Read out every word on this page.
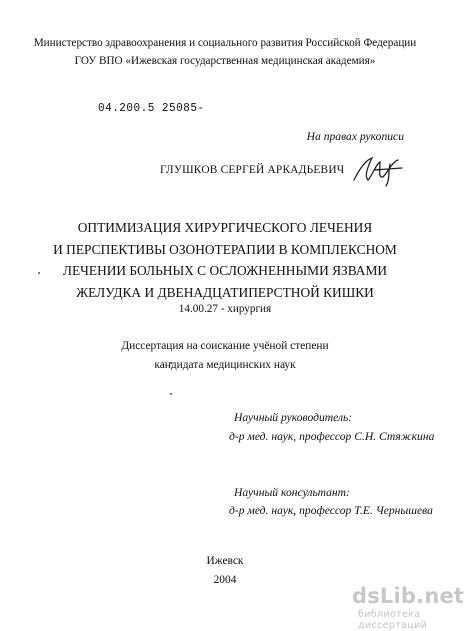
Министерство здравоохранения и социального развития Российской Федерации
ГОУ ВПО «Ижевская государственная медицинская академия»
04.200.5 25085-
На правах рукописи
ГЛУШКОВ СЕРГЕЙ АРКАДЬЕВИЧ
ОПТИМИЗАЦИЯ ХИРУРГИЧЕСКОГО ЛЕЧЕНИЯ
И ПЕРСПЕКТИВЫ ОЗОНОТЕРАПИИ В КОМПЛЕКСНОМ
ЛЕЧЕНИИ БОЛЬНЫХ С ОСЛОЖНЕННЫМИ ЯЗВАМИ
ЖЕЛУДКА И ДВЕНАДЦАТИПЕРСТНОЙ КИШКИ
14.00.27 - хирургия
Диссертация на соискание учёной степени
кандидата медицинских наук
Научный руководитель:
д-р мед. наук, профессор С.Н. Стяжкина
Научный консультант:
д-р мед. наук, профессор Т.Е. Чернышева
Ижевск
2004
dsLib.net
библиотека диссертаций
